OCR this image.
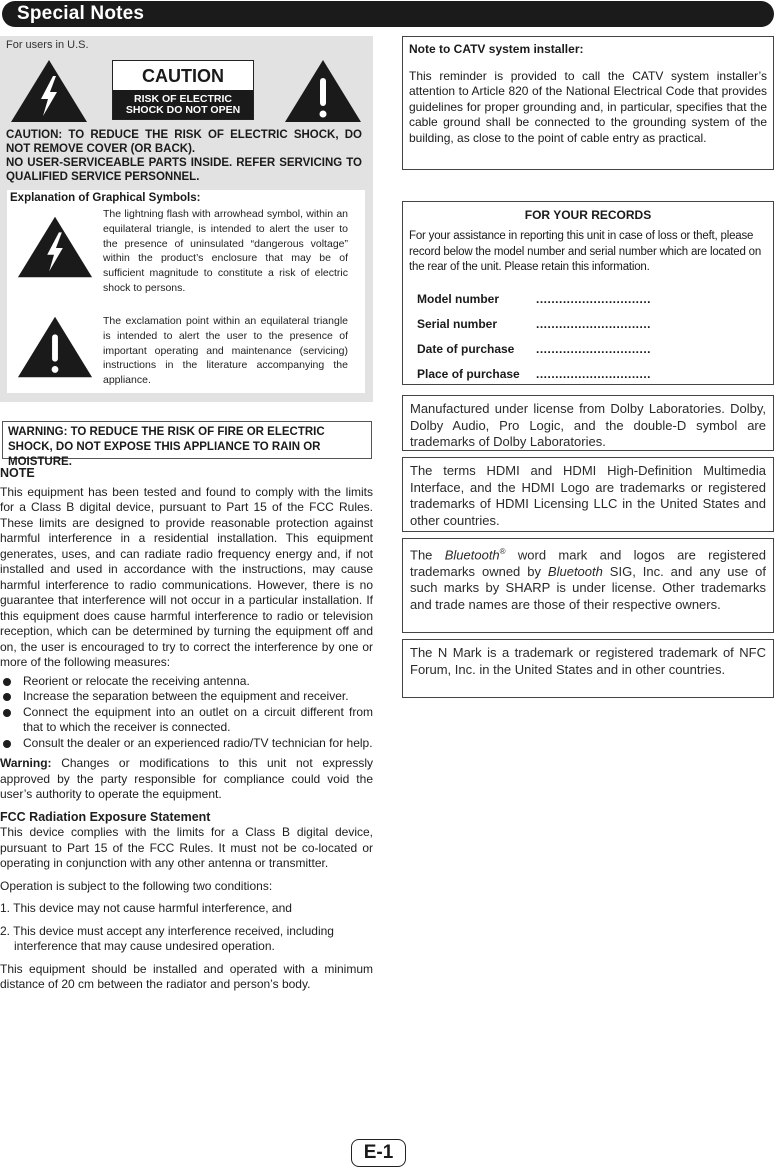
Special Notes
For users in U.S.
CAUTION
RISK OF ELECTRIC
SHOCK DO NOT OPEN

CAUTION: TO REDUCE THE RISK OF ELECTRIC SHOCK, DO NOT REMOVE COVER (OR BACK).

NO USER-SERVICEABLE PARTS INSIDE. REFER SERVICING TO QUALIFIED SERVICE PERSONNEL.

Explanation of Graphical Symbols:
The lightning flash with arrowhead symbol, within an equilateral triangle, is intended to alert the user to the presence of uninsulated “dangerous voltage” within the product’s enclosure that may be of sufficient magnitude to constitute a risk of electric shock to persons.
The exclamation point within an equilateral triangle is intended to alert the user to the presence of important operating and maintenance (servicing) instructions in the literature accompanying the appliance.
WARNING: TO REDUCE THE RISK OF FIRE OR ELECTRIC SHOCK, DO NOT EXPOSE THIS APPLIANCE TO RAIN OR MOISTURE.

NOTE

This equipment has been tested and found to comply with the limits for a Class B digital device, pursuant to Part 15 of the FCC Rules. These limits are designed to provide reasonable protection against harmful interference in a residential installation. This equipment generates, uses, and can radiate radio frequency energy and, if not installed and used in accordance with the instructions, may cause harmful interference to radio communications. However, there is no guarantee that interference will not occur in a particular installation. If this equipment does cause harmful interference to radio or television reception, which can be determined by turning the equipment off and on, the user is encouraged to try to correct the interference by one or more of the following measures:

Reorient or relocate the receiving antenna.
Increase the separation between the equipment and receiver.
Connect the equipment into an outlet on a circuit different from that to which the receiver is connected.
Consult the dealer or an experienced radio/TV technician for help.

Warning: Changes or modifications to this unit not expressly approved by the party responsible for compliance could void the user’s authority to operate the equipment.

FCC Radiation Exposure Statement

This device complies with the limits for a Class B digital device, pursuant to Part 15 of the FCC Rules. It must not be co-located or operating in conjunction with any other antenna or transmitter.

Operation is subject to the following two conditions:

1. This device may not cause harmful interference, and

2. This device must accept any interference received, including interference that may cause undesired operation.

This equipment should be installed and operated with a minimum distance of 20 cm between the radiator and person’s body.

Note to CATV system installer:
This reminder is provided to call the CATV system installer’s attention to Article 820 of the National Electrical Code that provides guidelines for proper grounding and, in particular, specifies that the cable ground shall be connected to the grounding system of the building, as close to the point of cable entry as practical.
FOR YOUR RECORDS
For your assistance in reporting this unit in case of loss or theft, please record below the model number and serial number which are located on the rear of the unit. Please retain this information.
Model number	..............................
Serial number	..............................
Date of purchase ..............................
Place of purchase ..............................
Manufactured under license from Dolby Laboratories. Dolby, Dolby Audio, Pro Logic, and the double-D symbol are trademarks of Dolby Laboratories.
The terms HDMI and HDMI High-Definition Multimedia Interface, and the HDMI Logo are trademarks or registered trademarks of HDMI Licensing LLC in the United States and other countries.
The Bluetooth® word mark and logos are registered trademarks owned by Bluetooth SIG, Inc. and any use of such marks by SHARP is under license. Other trademarks and trade names are those of their respective owners.
The N Mark is a trademark or registered trademark of NFC Forum, Inc. in the United States and in other countries.
E-1
